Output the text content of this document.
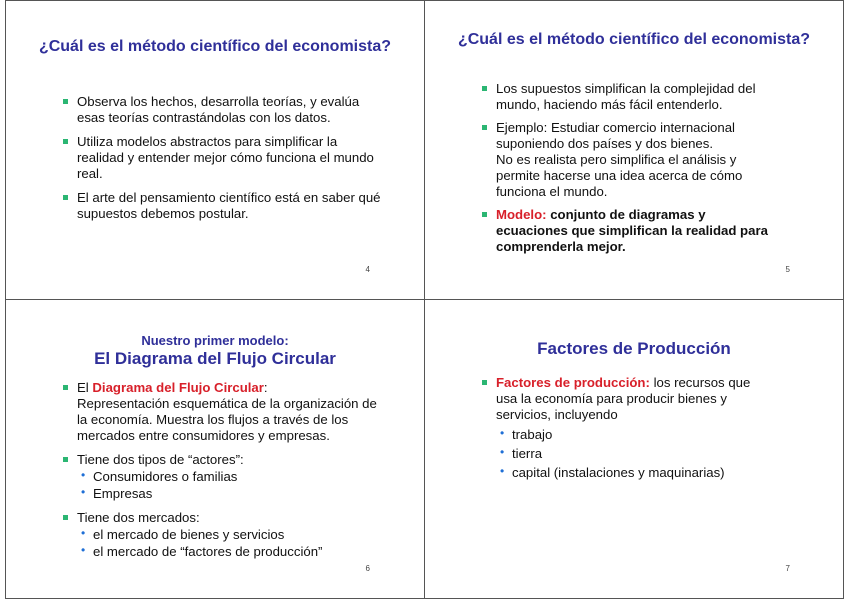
¿Cuál es el método científico del economista?
Observa los hechos, desarrolla teorías, y evalúa esas teorías contrastándolas con los datos.
Utiliza modelos abstractos para simplificar la realidad y entender mejor cómo funciona el mundo real.
El arte del pensamiento científico está en saber qué supuestos debemos postular.
4
¿Cuál es el método científico del economista?
Los supuestos simplifican la complejidad del mundo, haciendo más fácil entenderlo.
Ejemplo: Estudiar comercio internacional suponiendo dos países y dos bienes.
No es realista pero simplifica el análisis y permite hacerse una idea acerca de cómo funciona el mundo.
Modelo: conjunto de diagramas y ecuaciones que simplifican la realidad para comprenderla mejor.
5
Nuestro primer modelo:
El Diagrama del Flujo Circular
El Diagrama del Flujo Circular:
Representación esquemática de la organización de la economía. Muestra los flujos a través de los mercados entre consumidores y empresas.
Tiene dos tipos de “actores”:
• Consumidores o familias
• Empresas
Tiene dos mercados:
• el mercado de bienes y servicios
• el mercado de “factores de producción”
6
Factores de Producción
Factores de producción: los recursos que usa la economía para producir bienes y servicios, incluyendo
• trabajo
• tierra
• capital (instalaciones y maquinarias)
7
